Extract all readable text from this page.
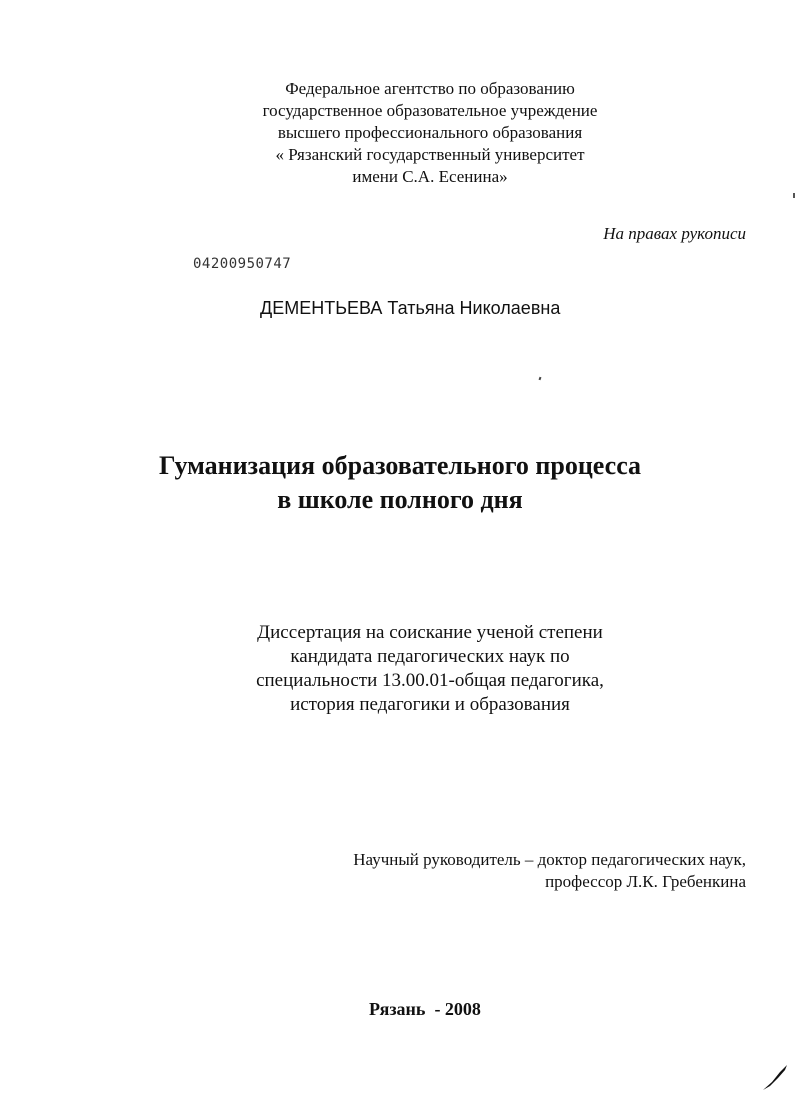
Федеральное агентство по образованию
государственное образовательное учреждение
высшего профессионального образования
« Рязанский государственный университет
имени С.А. Есенина»
На правах рукописи
04200950747
ДЕМЕНТЬЕВА Татьяна Николаевна
Гуманизация образовательного процесса
в школе полного дня
Диссертация на соискание ученой степени
кандидата педагогических наук по
специальности 13.00.01-общая педагогика,
история педагогики и образования
Научный руководитель – доктор педагогических наук,
профессор Л.К. Гребенкина
Рязань  - 2008
